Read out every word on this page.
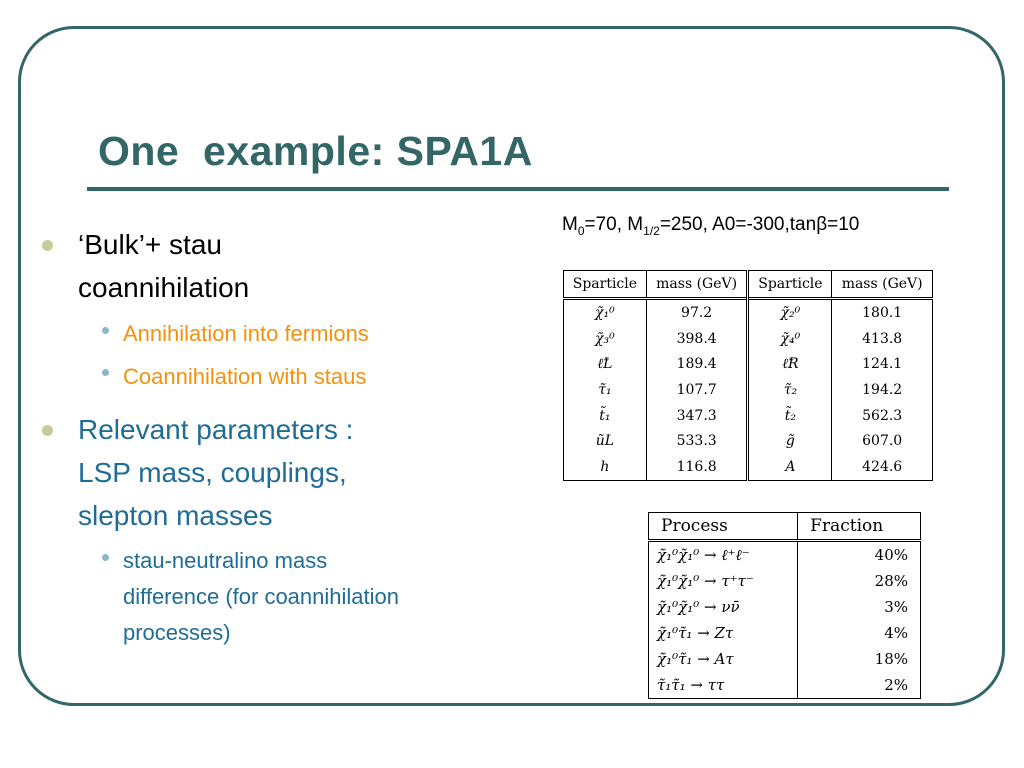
One  example: SPA1A
‘Bulk’+ stau
coannihilation
Annihilation into fermions
Coannihilation with staus
Relevant parameters :
LSP mass, couplings,
slepton masses
stau-neutralino mass
difference (for coannihilation
processes)
$M_0=70$, $M_{1/2}=250$, A0=-300,tanβ=10
Sparticle	mass (GeV)	Sparticle	mass (GeV)
χ̃₁⁰	97.2	χ̃₂⁰	180.1
χ̃₃⁰	398.4	χ̃₄⁰	413.8
ℓ̃L	189.4	ℓ̃R	124.1
τ̃₁	107.7	τ̃₂	194.2
t̃₁	347.3	t̃₂	562.3
ũL	533.3	g̃	607.0
h	116.8	A	424.6
Process	Fraction
χ̃₁⁰χ̃₁⁰ → ℓ⁺ℓ⁻	40%
χ̃₁⁰χ̃₁⁰ → τ⁺τ⁻	28%
χ̃₁⁰χ̃₁⁰ → νν̄	3%
χ̃₁⁰τ̃₁ → Zτ	4%
χ̃₁⁰τ̃₁ → Aτ	18%
τ̃₁τ̃₁ → ττ	2%
